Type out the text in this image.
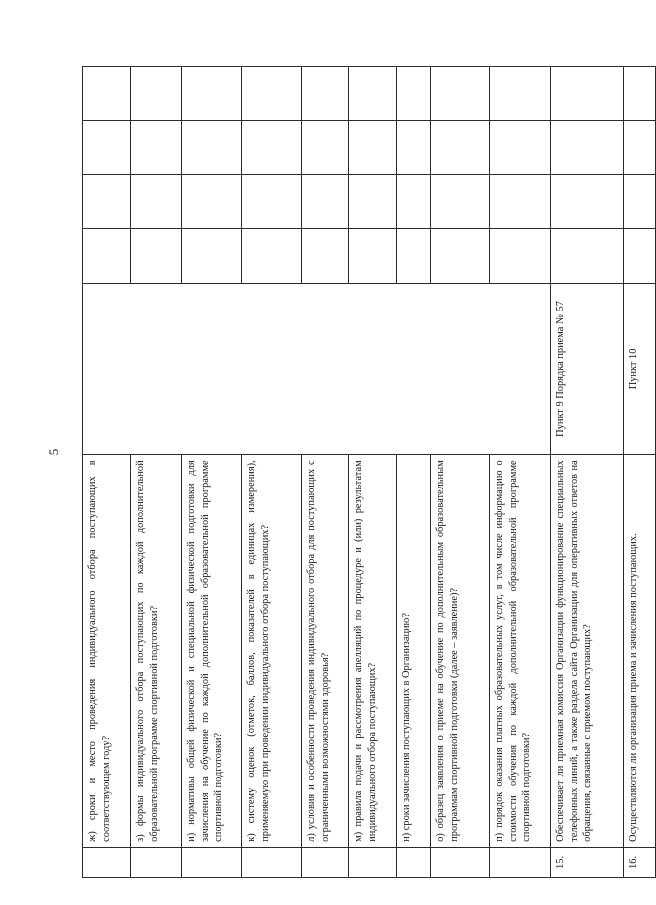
5
	ж) сроки и место проведения индивидуального отбора поступающих в соответствующем году?		

	з) формы индивидуального отбора поступающих по каждой дополнительной образовательной программе спортивной подготовки?					
	и) нормативы общей физической и специальной физической подготовки для зачисления на обучение по каждой дополнительной образовательной программе спортивной подготовки?					
	к) систему оценок (отметок, баллов, показателей в единицах измерения), применяемую при проведении индивидуального отбора поступающих?					
	л) условия и особенности проведения индивидуального отбора для поступающих с ограниченными возможностями здоровья?					
	м) правила подачи и рассмотрения апелляций по процедуре и (или) результатам индивидуального отбора поступающих?					
	н) сроки зачисления поступающих в Организацию?					
	о) образец заявления о приеме на обучение по дополнительным образовательным программам спортивной подготовки (далее – заявление)?					
	п) порядок оказания платных образовательных услуг, в том числе информацию о стоимости обучения по каждой дополнительной образовательной программе спортивной подготовки?					
15.	Обеспечивает ли приемная комиссия Организации функционирование специальных телефонных линий, а также раздела сайта Организации для оперативных ответов на обращения, связанные с приемом поступающих?	Пункт 9 Порядка приема № 57				
16.	Осуществляются ли организация приема и зачисления поступающих.	Пункт 10				
